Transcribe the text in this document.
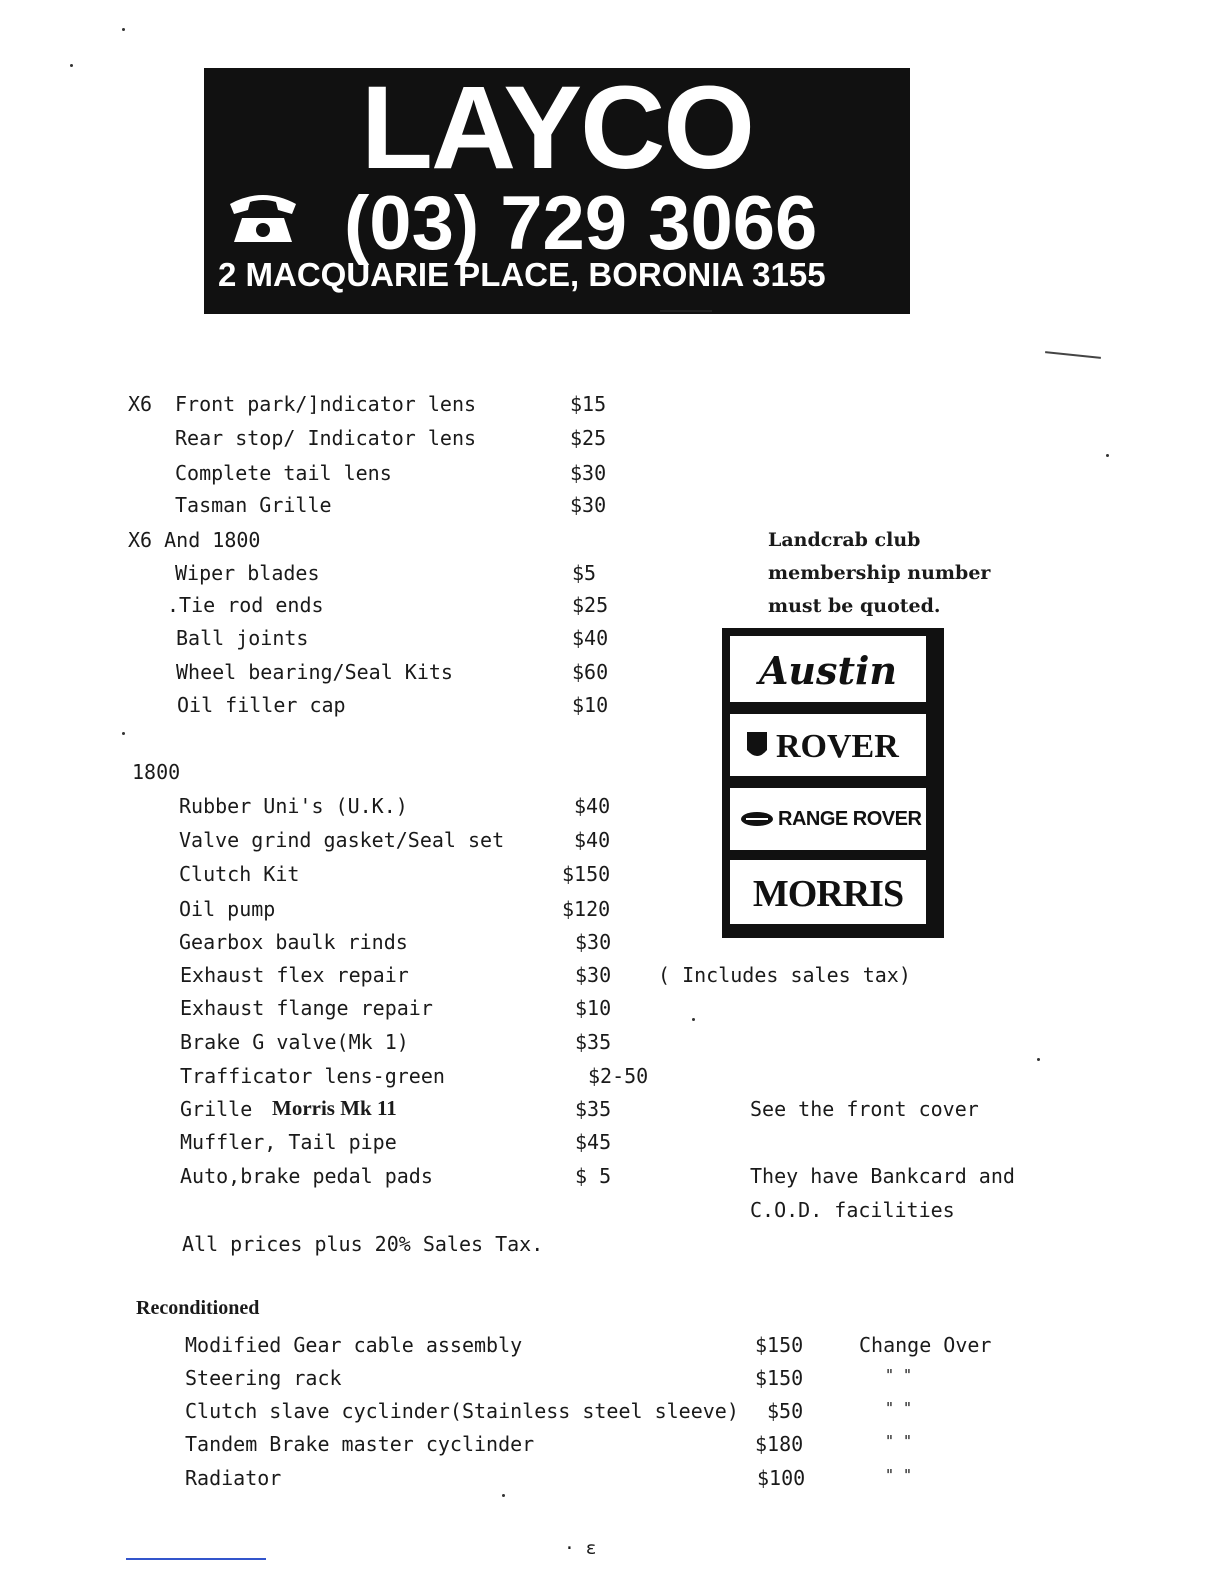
LAYCO
(03) 729 3066
2 MACQUARIE PLACE, BORONIA 3155
X6 Front park/]ndicator lens	$15
Rear stop/ Indicator lens	$25
Complete tail lens	$30
Tasman Grille	$30
X6 And 1800
Wiper blades	$5
.Tie rod ends	$25
Ball joints	$40
Wheel bearing/Seal Kits	$60
Oil filler cap	$10
1800
Rubber Uni's (U.K.)	$40
Valve grind gasket/Seal set	$40
Clutch Kit	$150
Oil pump	$120
Gearbox baulk rinds	$30
Exhaust flex repair	$30
Exhaust flange repair	$10
Brake G valve(Mk 1)	$35
Trafficator lens-green	$2-50
Grille Morris Mk 11	$35
Muffler, Tail pipe	$45
Auto,brake pedal pads	$ 5
All prices plus 20% Sales Tax.
Landcrab club
membership number
must be quoted.
Austin
ROVER
RANGE ROVER
MORRIS
( Includes sales tax)
See the front cover
They have Bankcard and
C.O.D. facilities
Reconditioned
Modified Gear cable assembly	$150	Change Over
Steering rack	$150	" "
Clutch slave cyclinder(Stainless steel sleeve) $50	" "
Tandem Brake master cyclinder	$180	" "
Radiator	$100	" "
· ε
